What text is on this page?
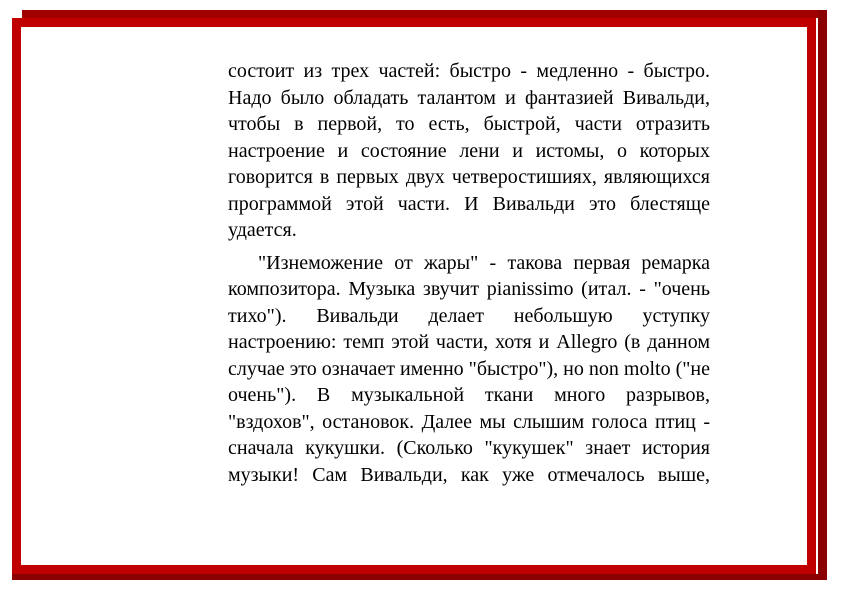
состоит из трех частей: быстро - медленно - быстро. Надо было обладать талантом и фантазией Вивальди, чтобы в первой, то есть, быстрой, части отразить настроение и состояние лени и истомы, о которых говорится в первых двух четверостишиях, являющихся программой этой части. И Вивальди это блестяще удается.

"Изнеможение от жары" - такова первая ремарка композитора. Музыка звучит pianissimo (итал. - "очень тихо"). Вивальди делает небольшую уступку настроению: темп этой части, хотя и Allegro (в данном случае это означает именно "быстро"), но non molto ("не очень"). В музыкальной ткани много разрывов, "вздохов", остановок. Далее мы слышим голоса птиц - сначала кукушки. (Сколько "кукушек" знает история музыки! Сам Вивальди, как уже отмечалось выше,
